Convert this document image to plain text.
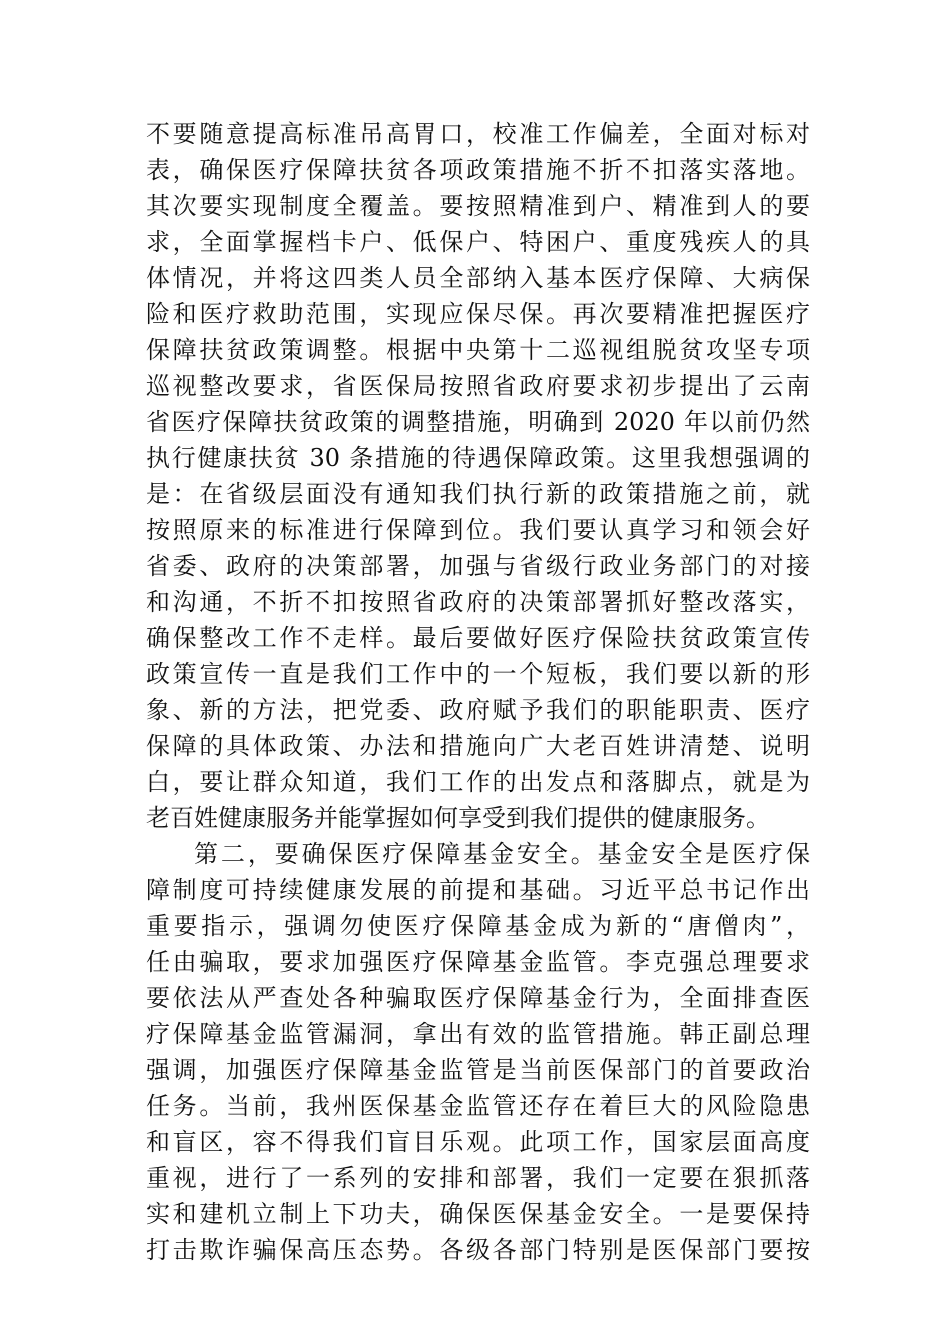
不要随意提高标准吊高胃口，校准工作偏差，全面对标对
表，确保医疗保障扶贫各项政策措施不折不扣落实落地。
其次要实现制度全覆盖。要按照精准到户、精准到人的要
求，全面掌握档卡户、低保户、特困户、重度残疾人的具
体情况，并将这四类人员全部纳入基本医疗保障、大病保
险和医疗救助范围，实现应保尽保。再次要精准把握医疗
保障扶贫政策调整。根据中央第十二巡视组脱贫攻坚专项
巡视整改要求，省医保局按照省政府要求初步提出了云南
省医疗保障扶贫政策的调整措施，明确到 2020 年以前仍然
执行健康扶贫 30 条措施的待遇保障政策。这里我想强调的
是：在省级层面没有通知我们执行新的政策措施之前，就
按照原来的标准进行保障到位。我们要认真学习和领会好
省委、政府的决策部署，加强与省级行政业务部门的对接
和沟通，不折不扣按照省政府的决策部署抓好整改落实，
确保整改工作不走样。最后要做好医疗保险扶贫政策宣传
政策宣传一直是我们工作中的一个短板，我们要以新的形
象、新的方法，把党委、政府赋予我们的职能职责、医疗
保障的具体政策、办法和措施向广大老百姓讲清楚、说明
白，要让群众知道，我们工作的出发点和落脚点，就是为
老百姓健康服务并能掌握如何享受到我们提供的健康服务。
第二，要确保医疗保障基金安全。基金安全是医疗保
障制度可持续健康发展的前提和基础。习近平总书记作出
重要指示，强调勿使医疗保障基金成为新的“唐僧肉”，
任由骗取，要求加强医疗保障基金监管。李克强总理要求
要依法从严查处各种骗取医疗保障基金行为，全面排查医
疗保障基金监管漏洞，拿出有效的监管措施。韩正副总理
强调，加强医疗保障基金监管是当前医保部门的首要政治
任务。当前，我州医保基金监管还存在着巨大的风险隐患
和盲区，容不得我们盲目乐观。此项工作，国家层面高度
重视，进行了一系列的安排和部署，我们一定要在狠抓落
实和建机立制上下功夫，确保医保基金安全。一是要保持
打击欺诈骗保高压态势。各级各部门特别是医保部门要按
